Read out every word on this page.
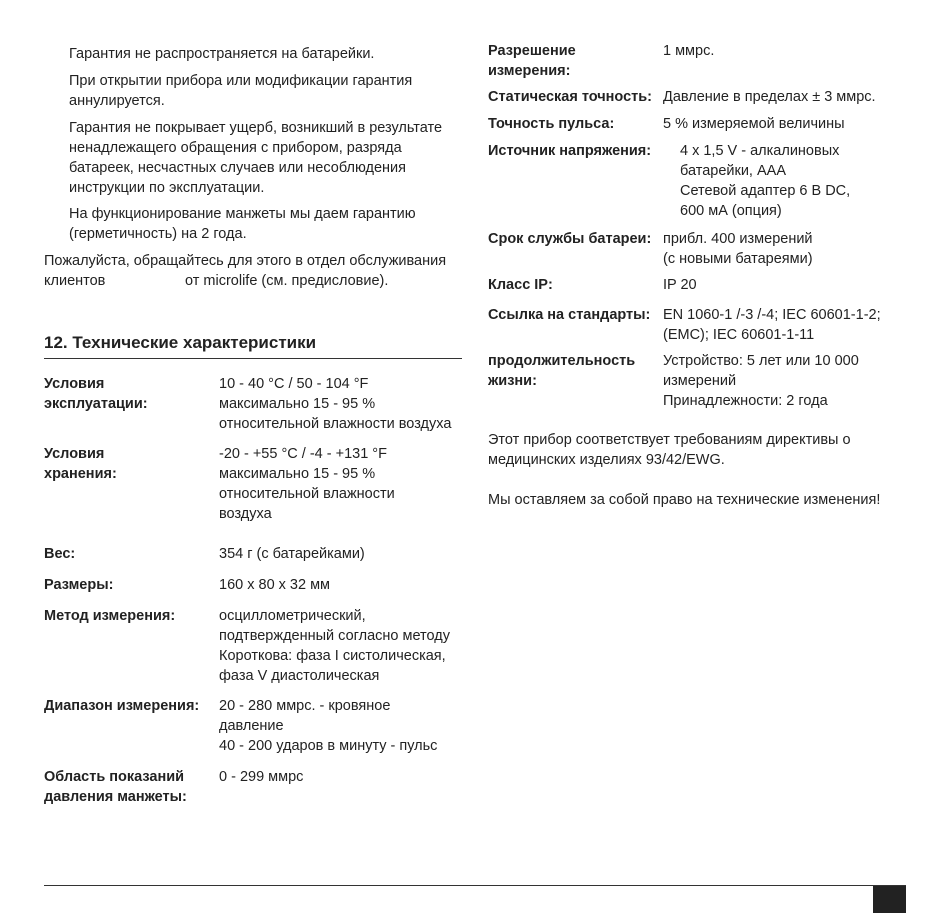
Гарантия не распространяется на батарейки.
При открытии прибора или модификации гарантия
аннулируется.
Гарантия не покрывает ущерб, возникший в результате
ненадлежащего обращения с прибором, разряда
батареек, несчастных случаев или несоблюдения
инструкции по эксплуатации.
На функционирование манжеты мы даем гарантию
(герметичность) на 2 года.
Пожалуйста, обращайтесь для этого в отдел обслуживания
клиентов	от microlife (см. предисловие).
12. Технические характеристики
Условия
эксплуатации:
10 - 40 °C / 50 - 104 °F
максимально 15 - 95 %
относительной влажности воздуха
Условия
хранения:
-20 - +55 °C / -4 - +131 °F
максимально 15 - 95 %
относительной влажности
воздуха
Вес:	354 г (с батарейками)
Размеры:	160 x 80 x 32 мм
Метод измерения:	осциллометрический,
подтвержденный согласно методу
Короткова: фаза I систолическая,
фаза V диастолическая
Диапазон измерения: 20 - 280 ммрс. - кровяное
давление
40 - 200 ударов в минуту - пульс
Область показаний
давления манжеты:
0 - 299 ммрс
Разрешение
измерения:
1 ммрс.
Статическая точность: Давление в пределах ± 3 ммрс.
Точность пульса:	5 % измеряемой величины
Источник напряжения: 4 x 1,5 V - алкалиновых
батарейки, AAA
Сетевой адаптер 6 В DC,
600 мА (опция)
Срок службы батареи: прибл. 400 измерений
(с новыми батареями)
Класс IP:	IP 20
Ссылка на стандарты: EN 1060-1 /-3 /-4; IEC 60601-1-2;
(EMC); IEC 60601-1-11
продолжительность
жизни:
Устройство: 5 лет или 10 000
измерений
Принадлежности: 2 года
Этот прибор соответствует требованиям директивы о
медицинских изделиях 93/42/EWG.
Мы оставляем за собой право на технические изменения!
